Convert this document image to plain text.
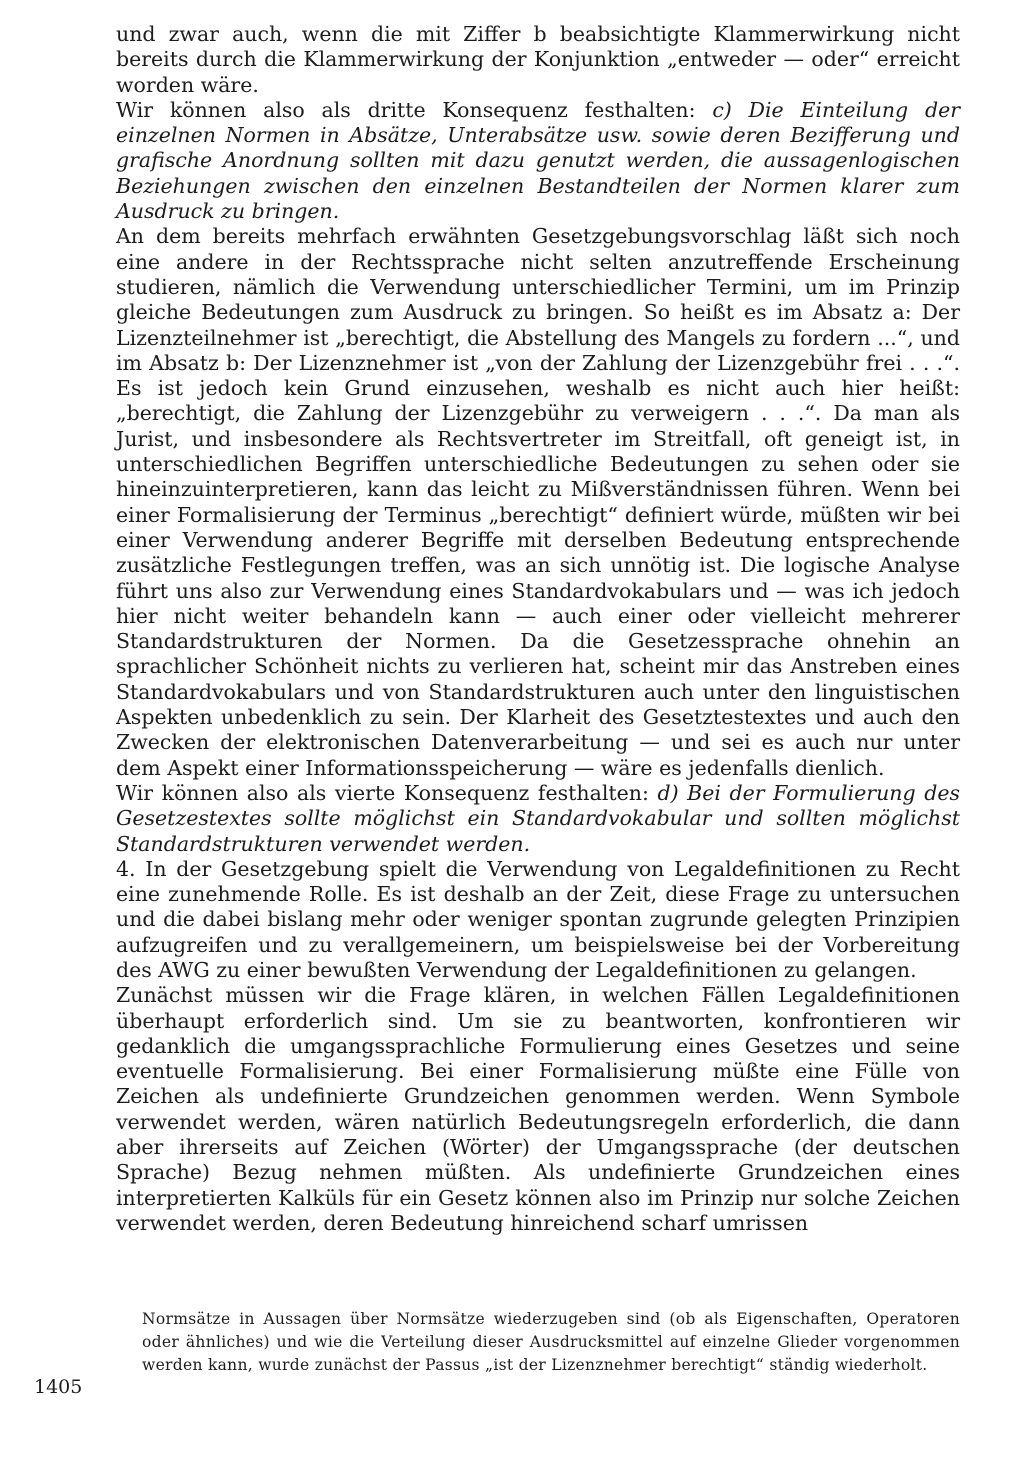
und zwar auch, wenn die mit Ziffer b beabsichtigte Klammerwirkung nicht bereits durch die Klammerwirkung der Konjunktion „entweder — oder“ erreicht worden wäre.

Wir können also als dritte Konsequenz festhalten: c) Die Einteilung der einzelnen Normen in Absätze, Unterabsätze usw. sowie deren Bezifferung und grafische Anordnung sollten mit dazu genutzt werden, die aussagenlogischen Beziehungen zwischen den einzelnen Bestandteilen der Normen klarer zum Ausdruck zu bringen.

An dem bereits mehrfach erwähnten Gesetzgebungsvorschlag läßt sich noch eine andere in der Rechtssprache nicht selten anzutreffende Erscheinung studieren, nämlich die Verwendung unterschiedlicher Termini, um im Prinzip gleiche Bedeutungen zum Ausdruck zu bringen. So heißt es im Absatz a: Der Lizenzteilnehmer ist „berechtigt, die Abstellung des Mangels zu fordern ...“, und im Absatz b: Der Lizenznehmer ist „von der Zahlung der Lizenzgebühr frei . . .“. Es ist jedoch kein Grund einzusehen, weshalb es nicht auch hier heißt: „berechtigt, die Zahlung der Lizenzgebühr zu verweigern . . .“. Da man als Jurist, und insbesondere als Rechtsvertreter im Streitfall, oft geneigt ist, in unterschiedlichen Begriffen unterschiedliche Bedeutungen zu sehen oder sie hineinzuinterpretieren, kann das leicht zu Mißverständnissen führen. Wenn bei einer Formalisierung der Terminus „berechtigt“ definiert würde, müßten wir bei einer Verwendung anderer Begriffe mit derselben Bedeutung entsprechende zusätzliche Festlegungen treffen, was an sich unnötig ist. Die logische Analyse führt uns also zur Verwendung eines Standardvokabulars und — was ich jedoch hier nicht weiter behandeln kann — auch einer oder vielleicht mehrerer Standardstrukturen der Normen. Da die Gesetzessprache ohnehin an sprachlicher Schönheit nichts zu verlieren hat, scheint mir das Anstreben eines Standardvokabulars und von Standardstrukturen auch unter den linguistischen Aspekten unbedenklich zu sein. Der Klarheit des Gesetztestextes und auch den Zwecken der elektronischen Datenverarbeitung — und sei es auch nur unter dem Aspekt einer Informationsspeicherung — wäre es jedenfalls dienlich.

Wir können also als vierte Konsequenz festhalten: d) Bei der Formulierung des Gesetzestextes sollte möglichst ein Standardvokabular und sollten möglichst Standardstrukturen verwendet werden.

4. In der Gesetzgebung spielt die Verwendung von Legaldefinitionen zu Recht eine zunehmende Rolle. Es ist deshalb an der Zeit, diese Frage zu untersuchen und die dabei bislang mehr oder weniger spontan zugrunde gelegten Prinzipien aufzugreifen und zu verallgemeinern, um beispielsweise bei der Vorbereitung des AWG zu einer bewußten Verwendung der Legaldefinitionen zu gelangen.

Zunächst müssen wir die Frage klären, in welchen Fällen Legaldefinitionen überhaupt erforderlich sind. Um sie zu beantworten, konfrontieren wir gedanklich die umgangssprachliche Formulierung eines Gesetzes und seine eventuelle Formalisierung. Bei einer Formalisierung müßte eine Fülle von Zeichen als undefinierte Grundzeichen genommen werden. Wenn Symbole verwendet werden, wären natürlich Bedeutungsregeln erforderlich, die dann aber ihrerseits auf Zeichen (Wörter) der Umgangssprache (der deutschen Sprache) Bezug nehmen müßten. Als undefinierte Grundzeichen eines interpretierten Kalküls für ein Gesetz können also im Prinzip nur solche Zeichen verwendet werden, deren Bedeutung hinreichend scharf umrissen

Normsätze in Aussagen über Normsätze wiederzugeben sind (ob als Eigenschaften, Operatoren oder ähnliches) und wie die Verteilung dieser Ausdrucksmittel auf einzelne Glieder vorgenommen werden kann, wurde zunächst der Passus „ist der Lizenznehmer berechtigt“ ständig wiederholt.

1405
